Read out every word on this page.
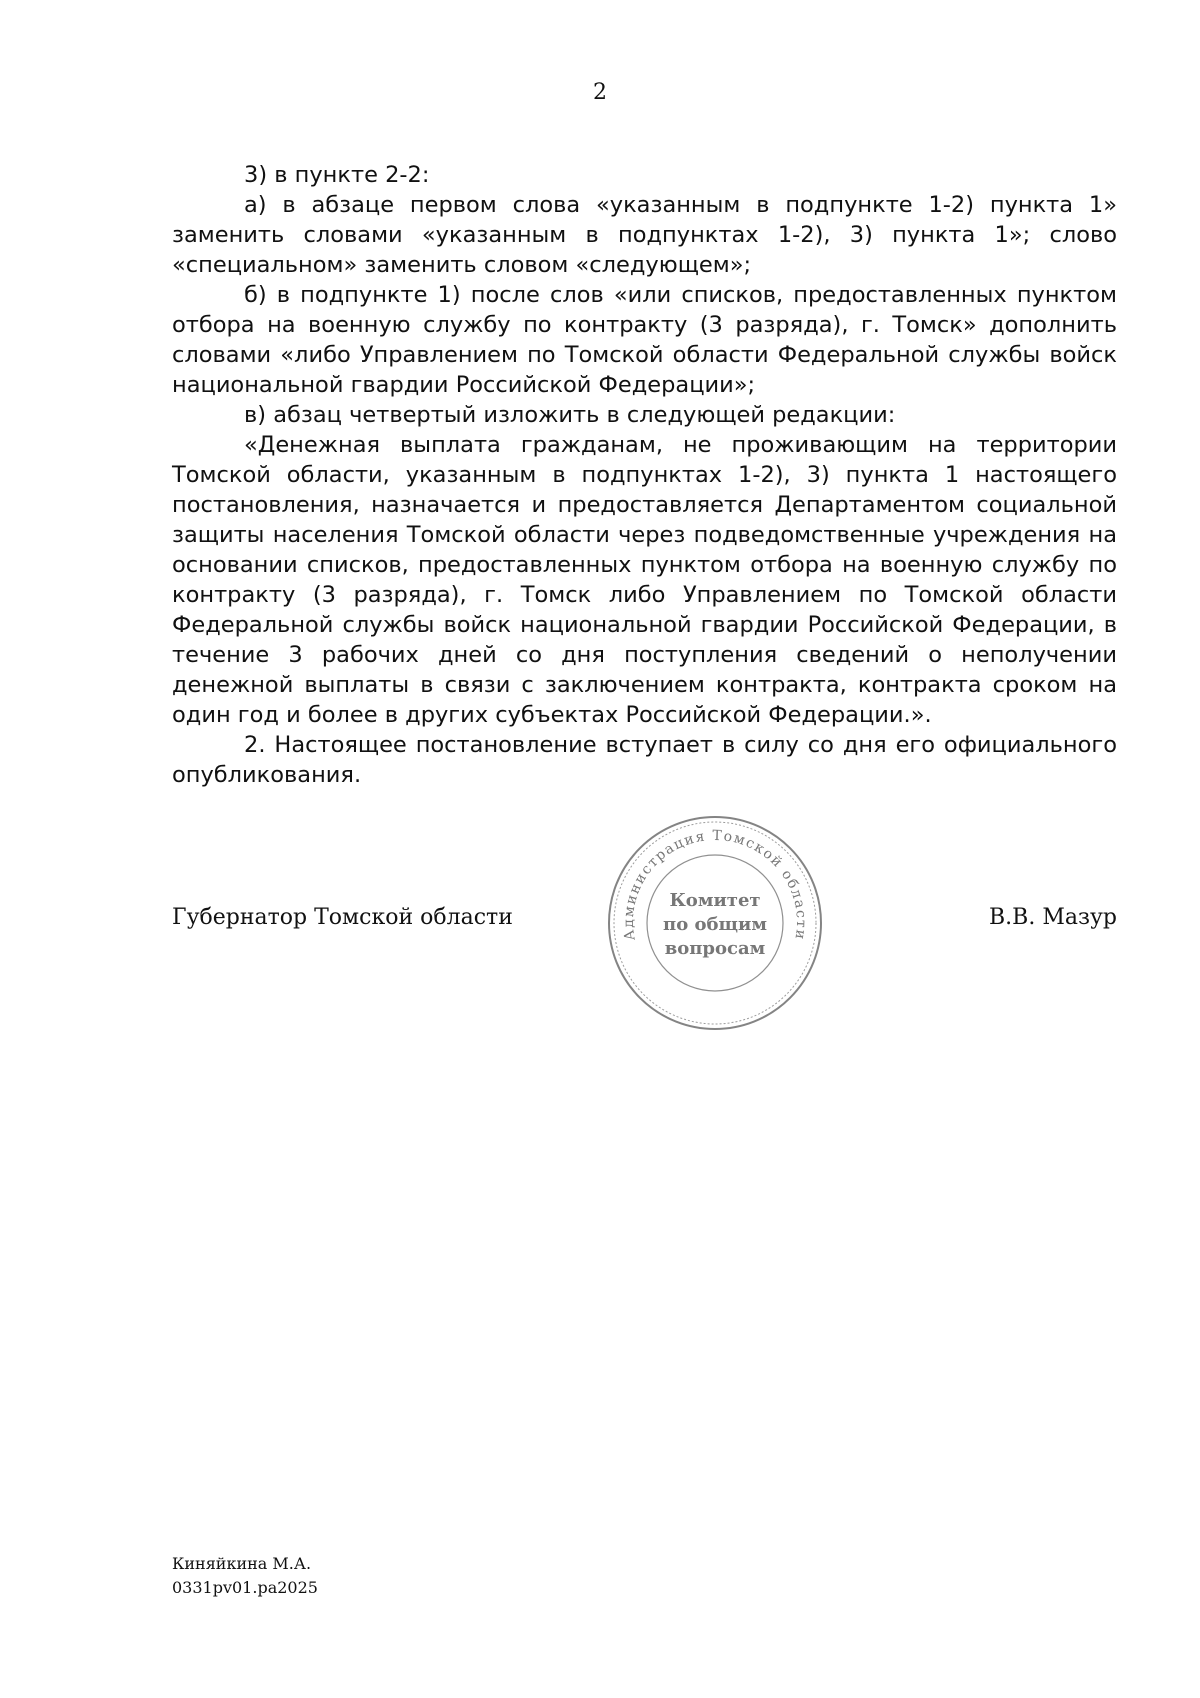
2

3) в пункте 2-2:

а) в абзаце первом слова «указанным в подпункте 1-2) пункта 1» заменить словами «указанным в подпунктах 1-2), 3) пункта 1»; слово «специальном» заменить словом «следующем»;

б) в подпункте 1) после слов «или списков, предоставленных пунктом отбора на военную службу по контракту (3 разряда), г. Томск» дополнить словами «либо Управлением по Томской области Федеральной службы войск национальной гвардии Российской Федерации»;

в) абзац четвертый изложить в следующей редакции:

«Денежная выплата гражданам, не проживающим на территории Томской области, указанным в подпунктах 1-2), 3) пункта 1 настоящего постановления, назначается и предоставляется Департаментом социальной защиты населения Томской области через подведомственные учреждения на основании списков, предоставленных пунктом отбора на военную службу по контракту (3 разряда), г. Томск либо Управлением по Томской области Федеральной службы войск национальной гвардии Российской Федерации, в течение 3 рабочих дней со дня поступления сведений о неполучении денежной выплаты в связи с заключением контракта, контракта сроком на один год и более в других субъектах Российской Федерации.».

2. Настоящее постановление вступает в силу со дня его официального опубликования.

Губернатор Томской области	В.В. Мазур
Администрация Томской области
Комитет
по общим
вопросам
Киняйкина М.А.
0331pv01.pa2025
